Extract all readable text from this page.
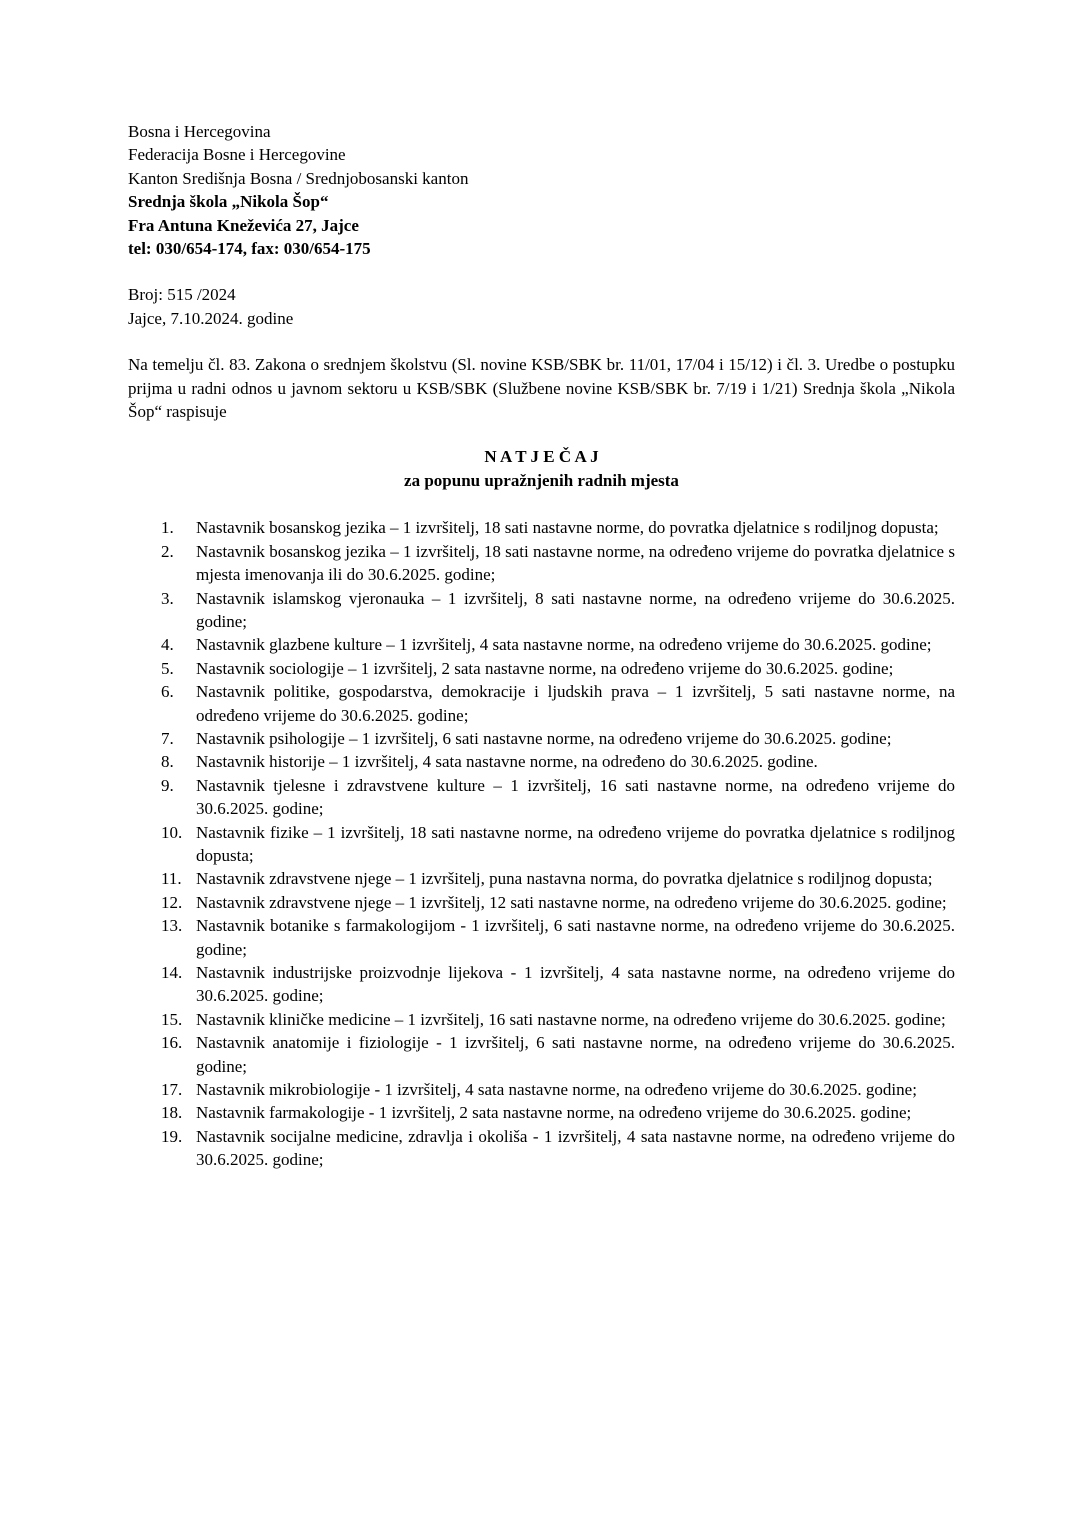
Bosna i Hercegovina
Federacija Bosne i Hercegovine
Kanton Središnja Bosna / Srednjobosanski kanton
Srednja škola „Nikola Šop“
Fra Antuna Kneževića 27, Jajce
tel: 030/654-174, fax: 030/654-175
Broj: 515 /2024
Jajce, 7.10.2024. godine

Na temelju čl. 83. Zakona o srednjem školstvu (Sl. novine KSB/SBK br. 11/01, 17/04 i 15/12) i čl. 3. Uredbe o postupku prijma u radni odnos u javnom sektoru u KSB/SBK (Službene novine KSB/SBK br. 7/19 i 1/21) Srednja škola „Nikola Šop“ raspisuje

N A T J E Č A J
za popunu upražnjenih radnih mjesta
Nastavnik bosanskog jezika – 1 izvršitelj, 18 sati nastavne norme, do povratka djelatnice s rodiljnog dopusta;
Nastavnik bosanskog jezika – 1 izvršitelj, 18 sati nastavne norme, na određeno vrijeme do povratka djelatnice s mjesta imenovanja ili do 30.6.2025. godine;
Nastavnik islamskog vjeronauka – 1 izvršitelj, 8 sati nastavne norme, na određeno vrijeme do 30.6.2025. godine;
Nastavnik glazbene kulture – 1 izvršitelj, 4 sata nastavne norme, na određeno vrijeme do 30.6.2025. godine;
Nastavnik sociologije – 1 izvršitelj, 2 sata nastavne norme, na određeno vrijeme do 30.6.2025. godine;
Nastavnik politike, gospodarstva, demokracije i ljudskih prava – 1 izvršitelj, 5 sati nastavne norme, na određeno vrijeme do 30.6.2025. godine;
Nastavnik psihologije – 1 izvršitelj, 6 sati nastavne norme, na određeno vrijeme do 30.6.2025. godine;
Nastavnik historije – 1 izvršitelj, 4 sata nastavne norme, na određeno do 30.6.2025. godine.
Nastavnik tjelesne i zdravstvene kulture – 1 izvršitelj, 16 sati nastavne norme, na određeno vrijeme do 30.6.2025. godine;
Nastavnik fizike – 1 izvršitelj, 18 sati nastavne norme, na određeno vrijeme do povratka djelatnice s rodiljnog dopusta;
Nastavnik zdravstvene njege – 1 izvršitelj, puna nastavna norma, do povratka djelatnice s rodiljnog dopusta;
Nastavnik zdravstvene njege – 1 izvršitelj, 12 sati nastavne norme, na određeno vrijeme do 30.6.2025. godine;
Nastavnik botanike s farmakologijom - 1 izvršitelj, 6 sati nastavne norme, na određeno vrijeme do 30.6.2025. godine;
Nastavnik industrijske proizvodnje lijekova - 1 izvršitelj, 4 sata nastavne norme, na određeno vrijeme do 30.6.2025. godine;
Nastavnik kliničke medicine – 1 izvršitelj, 16 sati nastavne norme, na određeno vrijeme do 30.6.2025. godine;
Nastavnik anatomije i fiziologije - 1 izvršitelj, 6 sati nastavne norme, na određeno vrijeme do 30.6.2025. godine;
Nastavnik mikrobiologije - 1 izvršitelj, 4 sata nastavne norme, na određeno vrijeme do 30.6.2025. godine;
Nastavnik farmakologije - 1 izvršitelj, 2 sata nastavne norme, na određeno vrijeme do 30.6.2025. godine;
Nastavnik socijalne medicine, zdravlja i okoliša - 1 izvršitelj, 4 sata nastavne norme, na određeno vrijeme do 30.6.2025. godine;
